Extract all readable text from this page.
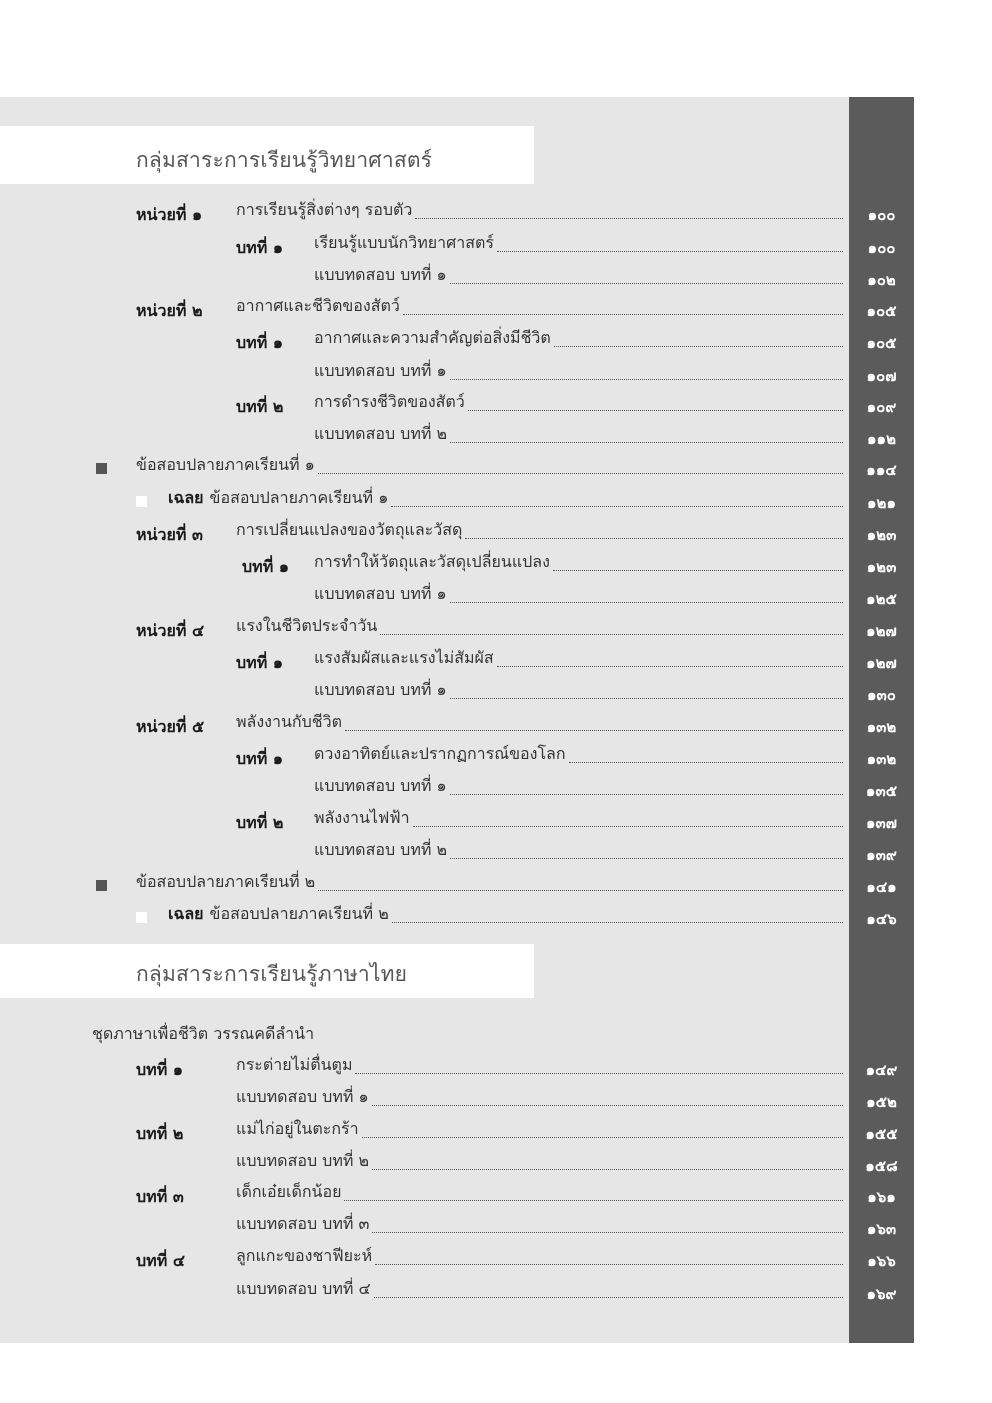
กลุ่มสาระการเรียนรู้วิทยาศาสตร์
กลุ่มสาระการเรียนรู้ภาษาไทย
ชุดภาษาเพื่อชีวิต วรรณคดีลำนำ
หน่วยที่ ๑ การเรียนรู้สิ่งต่างๆ รอบตัว	๑๐๐
บทที่ ๑ เรียนรู้แบบนักวิทยาศาสตร์	๑๐๐
แบบทดสอบ บทที่ ๑	๑๐๒
หน่วยที่ ๒ อากาศและชีวิตของสัตว์	๑๐๕
บทที่ ๑ อากาศและความสำคัญต่อสิ่งมีชีวิต	๑๐๕
แบบทดสอบ บทที่ ๑	๑๐๗
บทที่ ๒ การดำรงชีวิตของสัตว์	๑๐๙
แบบทดสอบ บทที่ ๒	๑๑๒
ข้อสอบปลายภาคเรียนที่ ๑	๑๑๔
เฉลย ข้อสอบปลายภาคเรียนที่ ๑	๑๒๑
หน่วยที่ ๓ การเปลี่ยนแปลงของวัตถุและวัสดุ	๑๒๓
บทที่ ๑ การทำให้วัตถุและวัสดุเปลี่ยนแปลง	๑๒๓
แบบทดสอบ บทที่ ๑	๑๒๕
หน่วยที่ ๔ แรงในชีวิตประจำวัน	๑๒๗
บทที่ ๑ แรงสัมผัสและแรงไม่สัมผัส	๑๒๗
แบบทดสอบ บทที่ ๑	๑๓๐
หน่วยที่ ๕ พลังงานกับชีวิต	๑๓๒
บทที่ ๑ ดวงอาทิตย์และปรากฏการณ์ของโลก	๑๓๒
แบบทดสอบ บทที่ ๑	๑๓๕
บทที่ ๒ พลังงานไฟฟ้า	๑๓๗
แบบทดสอบ บทที่ ๒	๑๓๙
ข้อสอบปลายภาคเรียนที่ ๒	๑๔๑
เฉลย ข้อสอบปลายภาคเรียนที่ ๒	๑๔๖
บทที่ ๑	กระต่ายไม่ตื่นตูม	๑๔๙
แบบทดสอบ บทที่ ๑	๑๕๒
บทที่ ๒	แม่ไก่อยู่ในตะกร้า	๑๕๕
แบบทดสอบ บทที่ ๒	๑๕๘
บทที่ ๓	เด็กเอ๋ยเด็กน้อย	๑๖๑
แบบทดสอบ บทที่ ๓	๑๖๓
บทที่ ๔	ลูกแกะของชาฟียะห์	๑๖๖
แบบทดสอบ บทที่ ๔	๑๖๙
